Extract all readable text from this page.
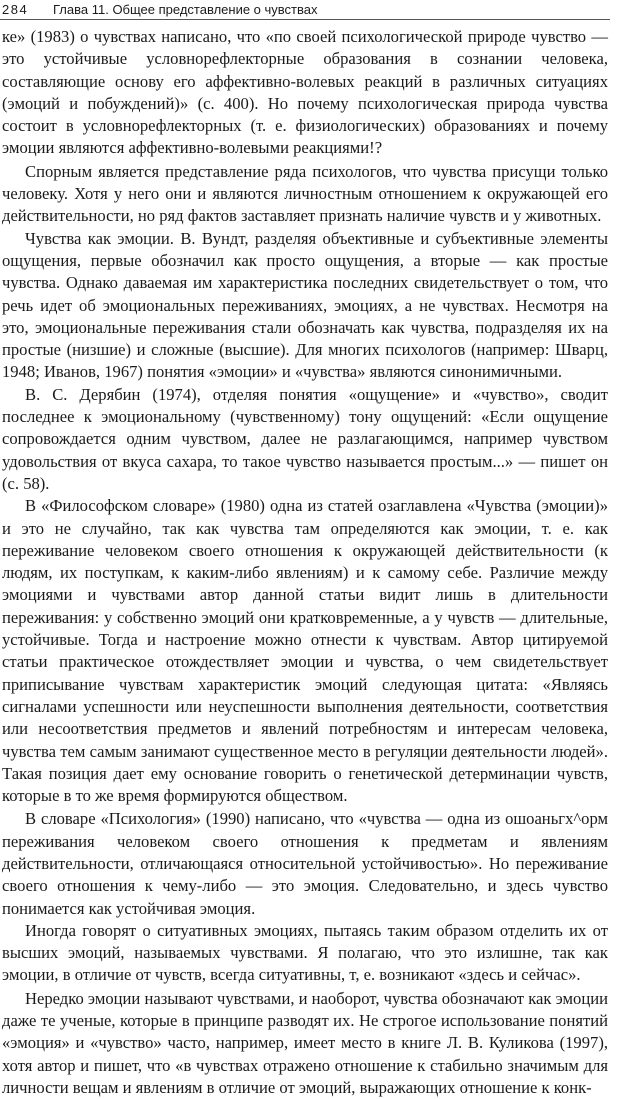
284 Глава 11. Общее представление о чувствах

ке» (1983) о чувствах написано, что «по своей психологической природе чувство — это устойчивые условнорефлекторные образования в сознании человека, составляющие основу его аффективно-волевых реакций в различных ситуациях (эмоций и побуждений)» (с. 400). Но почему психологическая природа чувства состоит в условнорефлекторных (т. е. физиологических) образованиях и почему эмоции являются аффективно-волевыми реакциями!?

Спорным является представление ряда психологов, что чувства присущи только человеку. Хотя у него они и являются личностным отношением к окружающей его действительности, но ряд фактов заставляет признать наличие чувств и у животных.

Чувства как эмоции. В. Вундт, разделяя объективные и субъективные элементы ощущения, первые обозначил как просто ощущения, а вторые — как простые чувства. Однако даваемая им характеристика последних свидетельствует о том, что речь идет об эмоциональных переживаниях, эмоциях, а не чувствах. Несмотря на это, эмоциональные переживания стали обозначать как чувства, подразделяя их на простые (низшие) и сложные (высшие). Для многих психологов (например: Шварц, 1948; Иванов, 1967) понятия «эмоции» и «чувства» являются синонимичными.

В. С. Дерябин (1974), отделяя понятия «ощущение» и «чувство», сводит последнее к эмоциональному (чувственному) тону ощущений: «Если ощущение сопровождается одним чувством, далее не разлагающимся, например чувством удовольствия от вкуса сахара, то такое чувство называется простым...» — пишет он (с. 58).

В «Философском словаре» (1980) одна из статей озаглавлена «Чувства (эмоции)» и это не случайно, так как чувства там определяются как эмоции, т. е. как переживание человеком своего отношения к окружающей действительности (к людям, их поступкам, к каким-либо явлениям) и к самому себе. Различие между эмоциями и чувствами автор данной статьи видит лишь в длительности переживания: у собственно эмоций они кратковременные, а у чувств — длительные, устойчивые. Тогда и настроение можно отнести к чувствам. Автор цитируемой статьи практическое отождествляет эмоции и чувства, о чем свидетельствует приписывание чувствам характеристик эмоций следующая цитата: «Являясь сигналами успешности или неуспешности выполнения деятельности, соответствия или несоответствия предметов и явлений потребностям и интересам человека, чувства тем самым занимают существенное место в регуляции деятельности людей». Такая позиция дает ему основание говорить о генетической детерминации чувств, которые в то же время формируются обществом.

В словаре «Психология» (1990) написано, что «чувства — одна из ошоаньгх^орм переживания человеком своего отношения к предметам и явлениям действительности, отличающаяся относительной устойчивостью». Но переживание своего отношения к чему-либо — это эмоция. Следовательно, и здесь чувство понимается как устойчивая эмоция.

Иногда говорят о ситуативных эмоциях, пытаясь таким образом отделить их от высших эмоций, называемых чувствами. Я полагаю, что это излишне, так как эмоции, в отличие от чувств, всегда ситуативны, т, е. возникают «здесь и сейчас».

Нередко эмоции называют чувствами, и наоборот, чувства обозначают как эмоции даже те ученые, которые в принципе разводят их. Не строгое использование понятий «эмоция» и «чувство» часто, например, имеет место в книге Л. В. Куликова (1997), хотя автор и пишет, что «в чувствах отражено отношение к стабильно значимым для личности вещам и явлениям в отличие от эмоций, выражающих отношение к конк-
